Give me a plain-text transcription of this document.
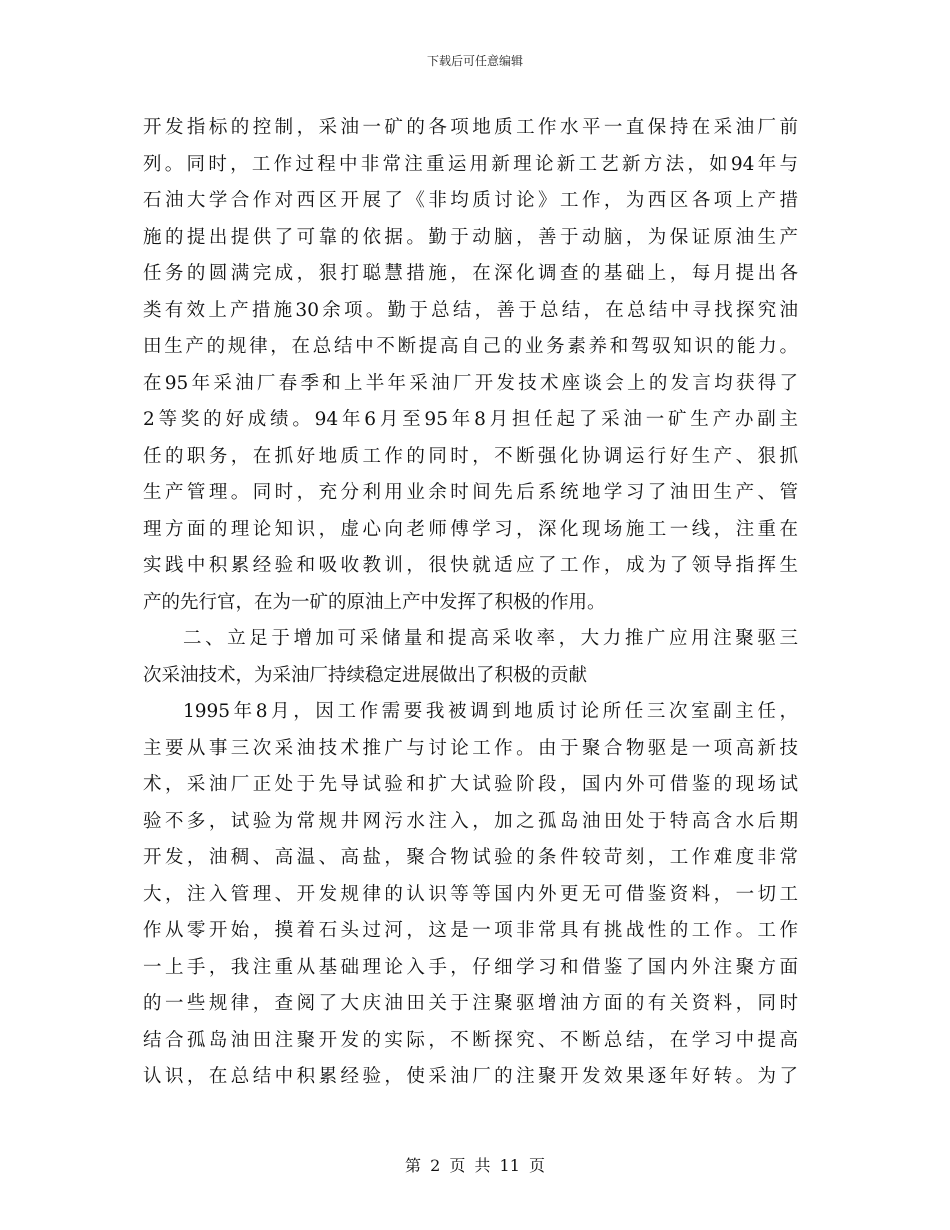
下载后可任意编辑
开发指标的控制，采油一矿的各项地质工作水平一直保持在采油厂前
列。同时，工作过程中非常注重运用新理论新工艺新方法，如94年与
石油大学合作对西区开展了《非均质讨论》工作，为西区各项上产措
施的提出提供了可靠的依据。勤于动脑，善于动脑，为保证原油生产
任务的圆满完成，狠打聪慧措施，在深化调查的基础上，每月提出各
类有效上产措施30余项。勤于总结，善于总结，在总结中寻找探究油
田生产的规律，在总结中不断提高自己的业务素养和驾驭知识的能力。
在95年采油厂春季和上半年采油厂开发技术座谈会上的发言均获得了
2等奖的好成绩。94年6月至95年8月担任起了采油一矿生产办副主
任的职务，在抓好地质工作的同时，不断强化协调运行好生产、狠抓
生产管理。同时，充分利用业余时间先后系统地学习了油田生产、管
理方面的理论知识，虚心向老师傅学习，深化现场施工一线，注重在
实践中积累经验和吸收教训，很快就适应了工作，成为了领导指挥生
产的先行官，在为一矿的原油上产中发挥了积极的作用。
二、立足于增加可采储量和提高采收率，大力推广应用注聚驱三
次采油技术，为采油厂持续稳定进展做出了积极的贡献
1995年8月，因工作需要我被调到地质讨论所任三次室副主任，
主要从事三次采油技术推广与讨论工作。由于聚合物驱是一项高新技
术，采油厂正处于先导试验和扩大试验阶段，国内外可借鉴的现场试
验不多，试验为常规井网污水注入，加之孤岛油田处于特高含水后期
开发，油稠、高温、高盐，聚合物试验的条件较苛刻，工作难度非常
大，注入管理、开发规律的认识等等国内外更无可借鉴资料，一切工
作从零开始，摸着石头过河，这是一项非常具有挑战性的工作。工作
一上手，我注重从基础理论入手，仔细学习和借鉴了国内外注聚方面
的一些规律，查阅了大庆油田关于注聚驱增油方面的有关资料，同时
结合孤岛油田注聚开发的实际，不断探究、不断总结，在学习中提高
认识，在总结中积累经验，使采油厂的注聚开发效果逐年好转。为了
第 2 页 共 11 页
